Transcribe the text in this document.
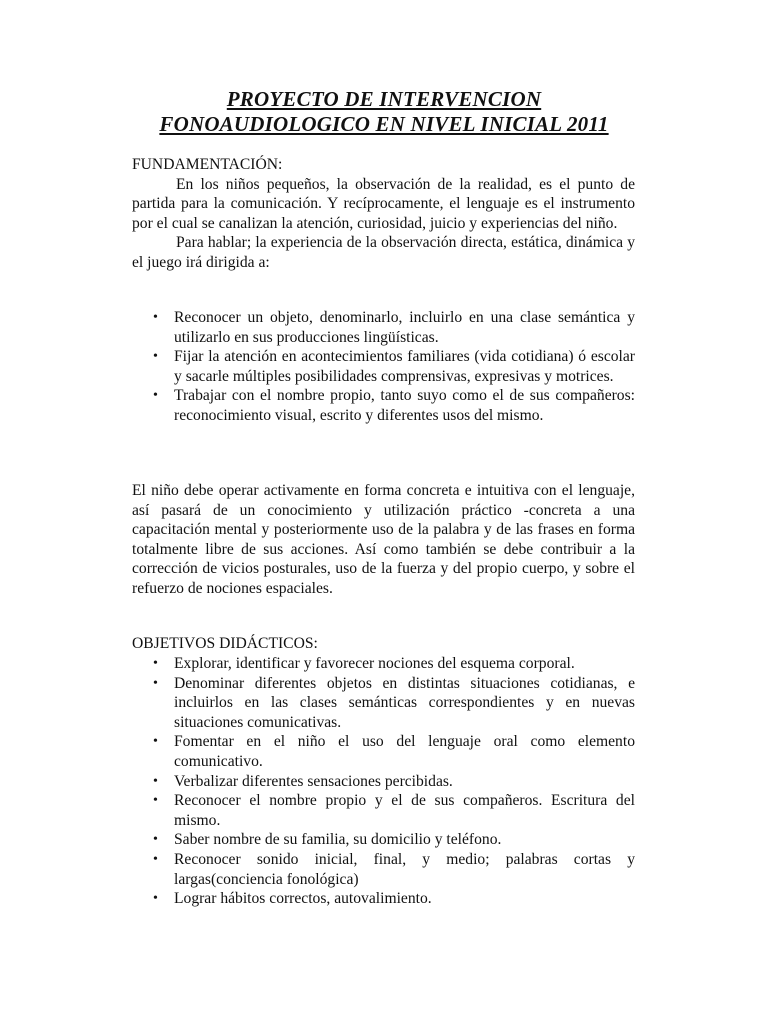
PROYECTO DE INTERVENCION
FONOAUDIOLOGICO EN NIVEL INICIAL 2011

FUNDAMENTACIÓN:

En los niños pequeños, la observación de la realidad, es el punto de partida para la comunicación. Y recíprocamente, el lenguaje es el instrumento por el cual se canalizan la atención, curiosidad, juicio y experiencias del niño.

Para hablar; la experiencia de la observación directa, estática, dinámica y el juego irá dirigida a:

• Reconocer un objeto, denominarlo, incluirlo en una clase semántica y utilizarlo en sus producciones lingüísticas.
• Fijar la atención en acontecimientos familiares (vida cotidiana) ó escolar y sacarle múltiples posibilidades comprensivas, expresivas y motrices.
• Trabajar con el nombre propio, tanto suyo como el de sus compañeros: reconocimiento visual, escrito y diferentes usos del mismo.

El niño debe operar activamente en forma concreta e intuitiva con el lenguaje, así pasará de un conocimiento y utilización práctico -concreta a una capacitación mental y posteriormente uso de la palabra y de las frases en forma totalmente libre de sus acciones. Así como también se debe contribuir a la corrección de vicios posturales, uso de la fuerza y del propio cuerpo, y sobre el refuerzo de nociones espaciales.

OBJETIVOS DIDÁCTICOS:

• Explorar, identificar y favorecer nociones del esquema corporal.
• Denominar diferentes objetos en distintas situaciones cotidianas, e incluirlos en las clases semánticas correspondientes y en nuevas situaciones comunicativas.
• Fomentar en el niño el uso del lenguaje oral como elemento comunicativo.
• Verbalizar diferentes sensaciones percibidas.
• Reconocer el nombre propio y el de sus compañeros. Escritura del mismo.
• Saber nombre de su familia, su domicilio y teléfono.
• Reconocer sonido inicial, final, y medio; palabras cortas y largas(conciencia fonológica)
• Lograr hábitos correctos, autovalimiento.
